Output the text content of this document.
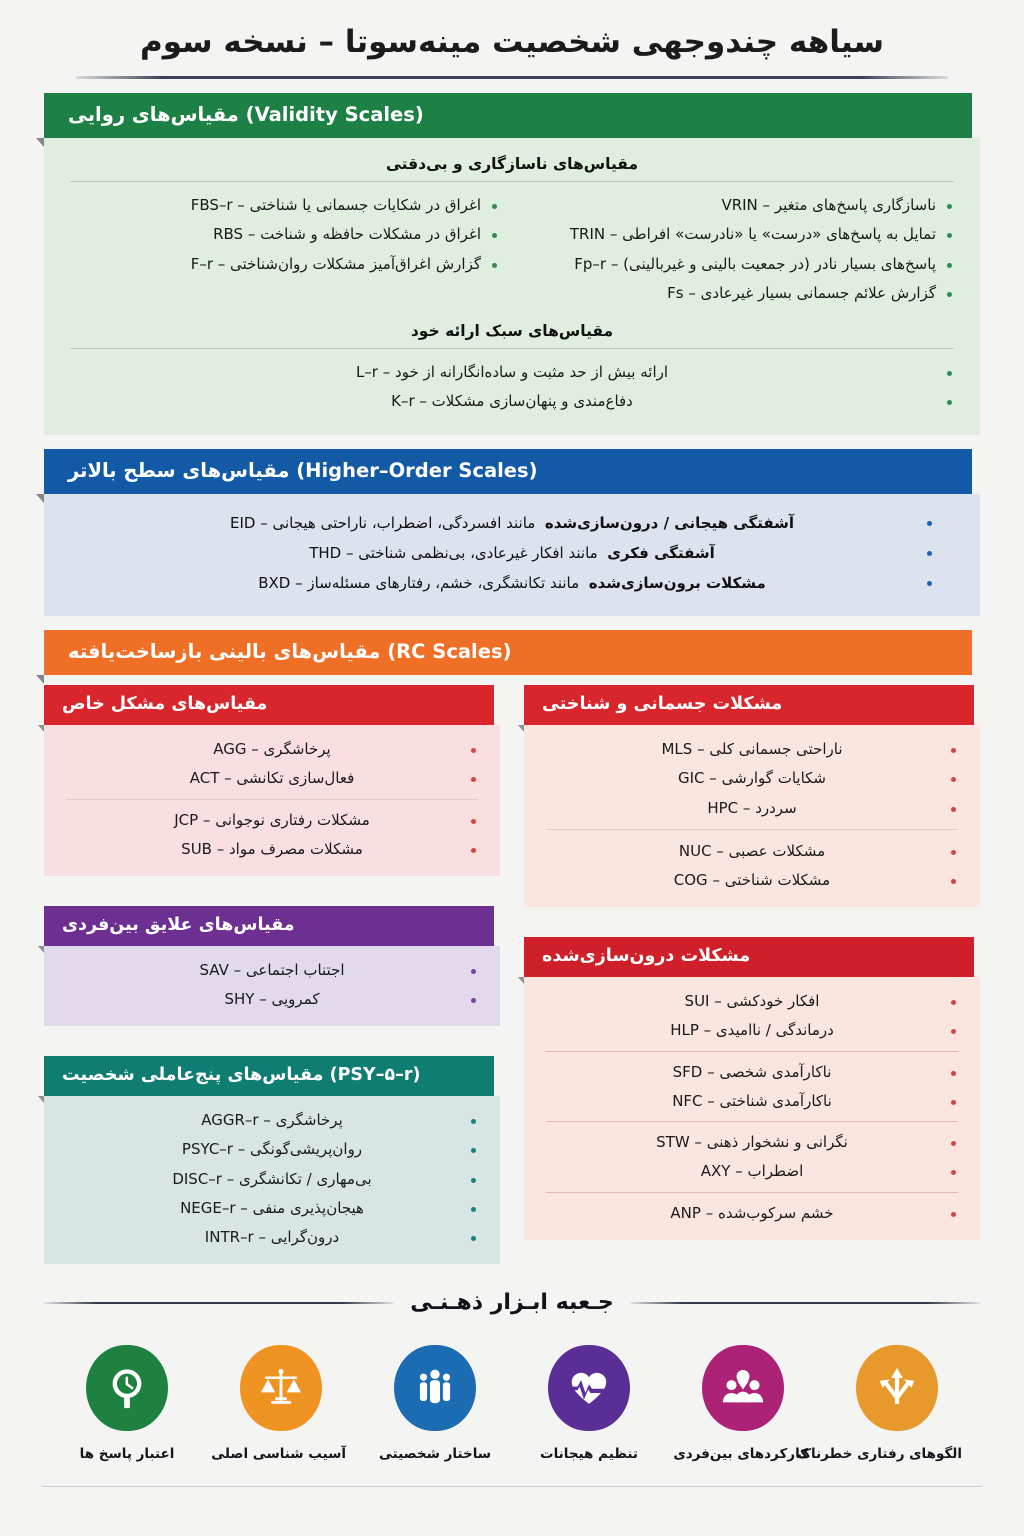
سیاهه چندوجهی شخصیت مینه‌سوتا – نسخه سوم
(Validity Scales) مقیاس‌های روایی
مقیاس‌های ناسازگاری و بی‌دقتی
ناسازگاری پاسخ‌های متغیر – VRIN
تمایل به پاسخ‌های «درست» یا «نادرست» افراطی – TRIN
پاسخ‌های بسیار نادر (در جمعیت بالینی و غیربالینی) – Fp–r
گزارش علائم جسمانی بسیار غیرعادی – Fs
اغراق در شکایات جسمانی یا شناختی – FBS–r
اغراق در مشکلات حافظه و شناخت – RBS
گزارش اغراق‌آمیز مشکلات روان‌شناختی – F–r
مقیاس‌های سبک ارائه خود
ارائه بیش از حد مثبت و ساده‌انگارانه از خود – L–r
دفاع‌مندی و پنهان‌سازی مشکلات – K–r
(Higher–Order Scales) مقیاس‌های سطح بالاتر
آشفتگی هیجانی / درون‌سازی‌شده  مانند افسردگی، اضطراب، ناراحتی هیجانی – EID
آشفتگی فکری  مانند افکار غیرعادی، بی‌نظمی شناختی – THD
مشکلات برون‌سازی‌شده  مانند تکانشگری، خشم، رفتارهای مسئله‌ساز – BXD
(RC Scales) مقیاس‌های بالینی بازساخت‌یافته
مشکلات جسمانی و شناختی
ناراحتی جسمانی کلی – MLS
شکایات گوارشی – GIC
سردرد – HPC
مشکلات عصبی – NUC
مشکلات شناختی – COG
مشکلات درون‌سازی‌شده
افکار خودکشی – SUI
درماندگی / ناامیدی – HLP
ناکارآمدی شخصی – SFD
ناکارآمدی شناختی – NFC
نگرانی و نشخوار ذهنی – STW
اضطراب – AXY
خشم سرکوب‌شده – ANP
مقیاس‌های مشکل خاص
پرخاشگری – AGG
فعال‌سازی تکانشی – ACT
مشکلات رفتاری نوجوانی – JCP
مشکلات مصرف مواد – SUB
مقیاس‌های علایق بین‌فردی
اجتناب اجتماعی – SAV
کمرویی – SHY
(PSY–۵–r) مقیاس‌های پنج‌عاملی شخصیت
پرخاشگری – AGGR–r
روان‌پریشی‌گونگی – PSYC–r
بی‌مهاری / تکانشگری – DISC–r
هیجان‌پذیری منفی – NEGE–r
درون‌گرایی – INTR–r
جـعبه ابـزار ذهـنـی
الگوهای رفتاری خطرناک
کارکردهای بین‌فردی
تنظیم هیجانات
ساختار شخصیتی
آسیب شناسی اصلی
اعتبار پاسخ ها
